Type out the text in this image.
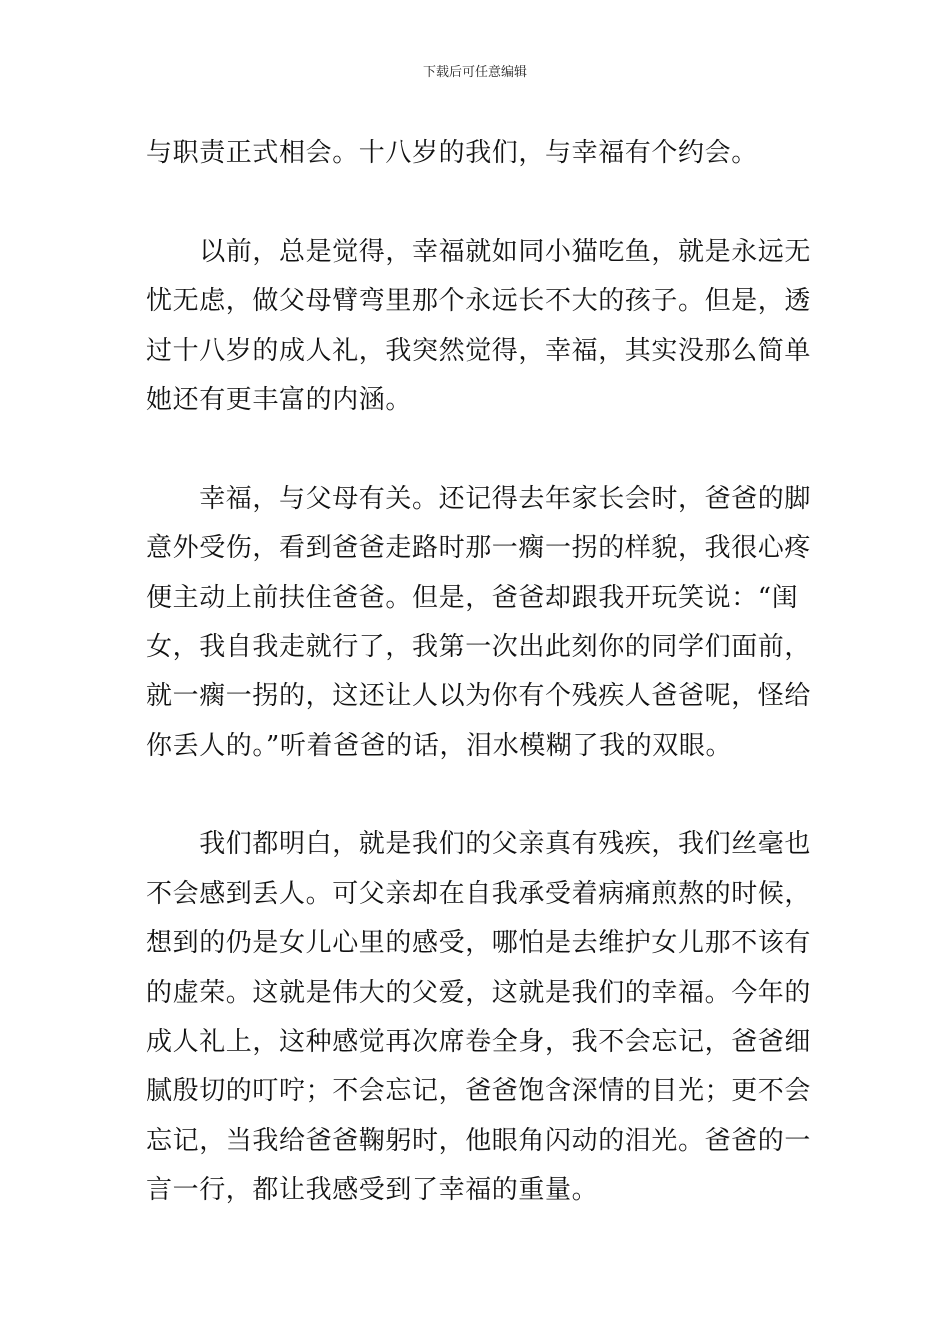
下载后可任意编辑
与职责正式相会。十八岁的我们，与幸福有个约会。
　　以前，总是觉得，幸福就如同小猫吃鱼，就是永远无
忧无虑，做父母臂弯里那个永远长不大的孩子。但是，透
过十八岁的成人礼，我突然觉得，幸福，其实没那么简单
她还有更丰富的内涵。
　　幸福，与父母有关。还记得去年家长会时，爸爸的脚
意外受伤，看到爸爸走路时那一瘸一拐的样貌，我很心疼
便主动上前扶住爸爸。但是，爸爸却跟我开玩笑说：“闺
女，我自我走就行了，我第一次出此刻你的同学们面前，
就一瘸一拐的，这还让人以为你有个残疾人爸爸呢，怪给
你丢人的。”听着爸爸的话，泪水模糊了我的双眼。
　　我们都明白，就是我们的父亲真有残疾，我们丝毫也
不会感到丢人。可父亲却在自我承受着病痛煎熬的时候，
想到的仍是女儿心里的感受，哪怕是去维护女儿那不该有
的虚荣。这就是伟大的父爱，这就是我们的幸福。今年的
成人礼上，这种感觉再次席卷全身，我不会忘记，爸爸细
腻殷切的叮咛；不会忘记，爸爸饱含深情的目光；更不会
忘记，当我给爸爸鞠躬时，他眼角闪动的泪光。爸爸的一
言一行，都让我感受到了幸福的重量。
